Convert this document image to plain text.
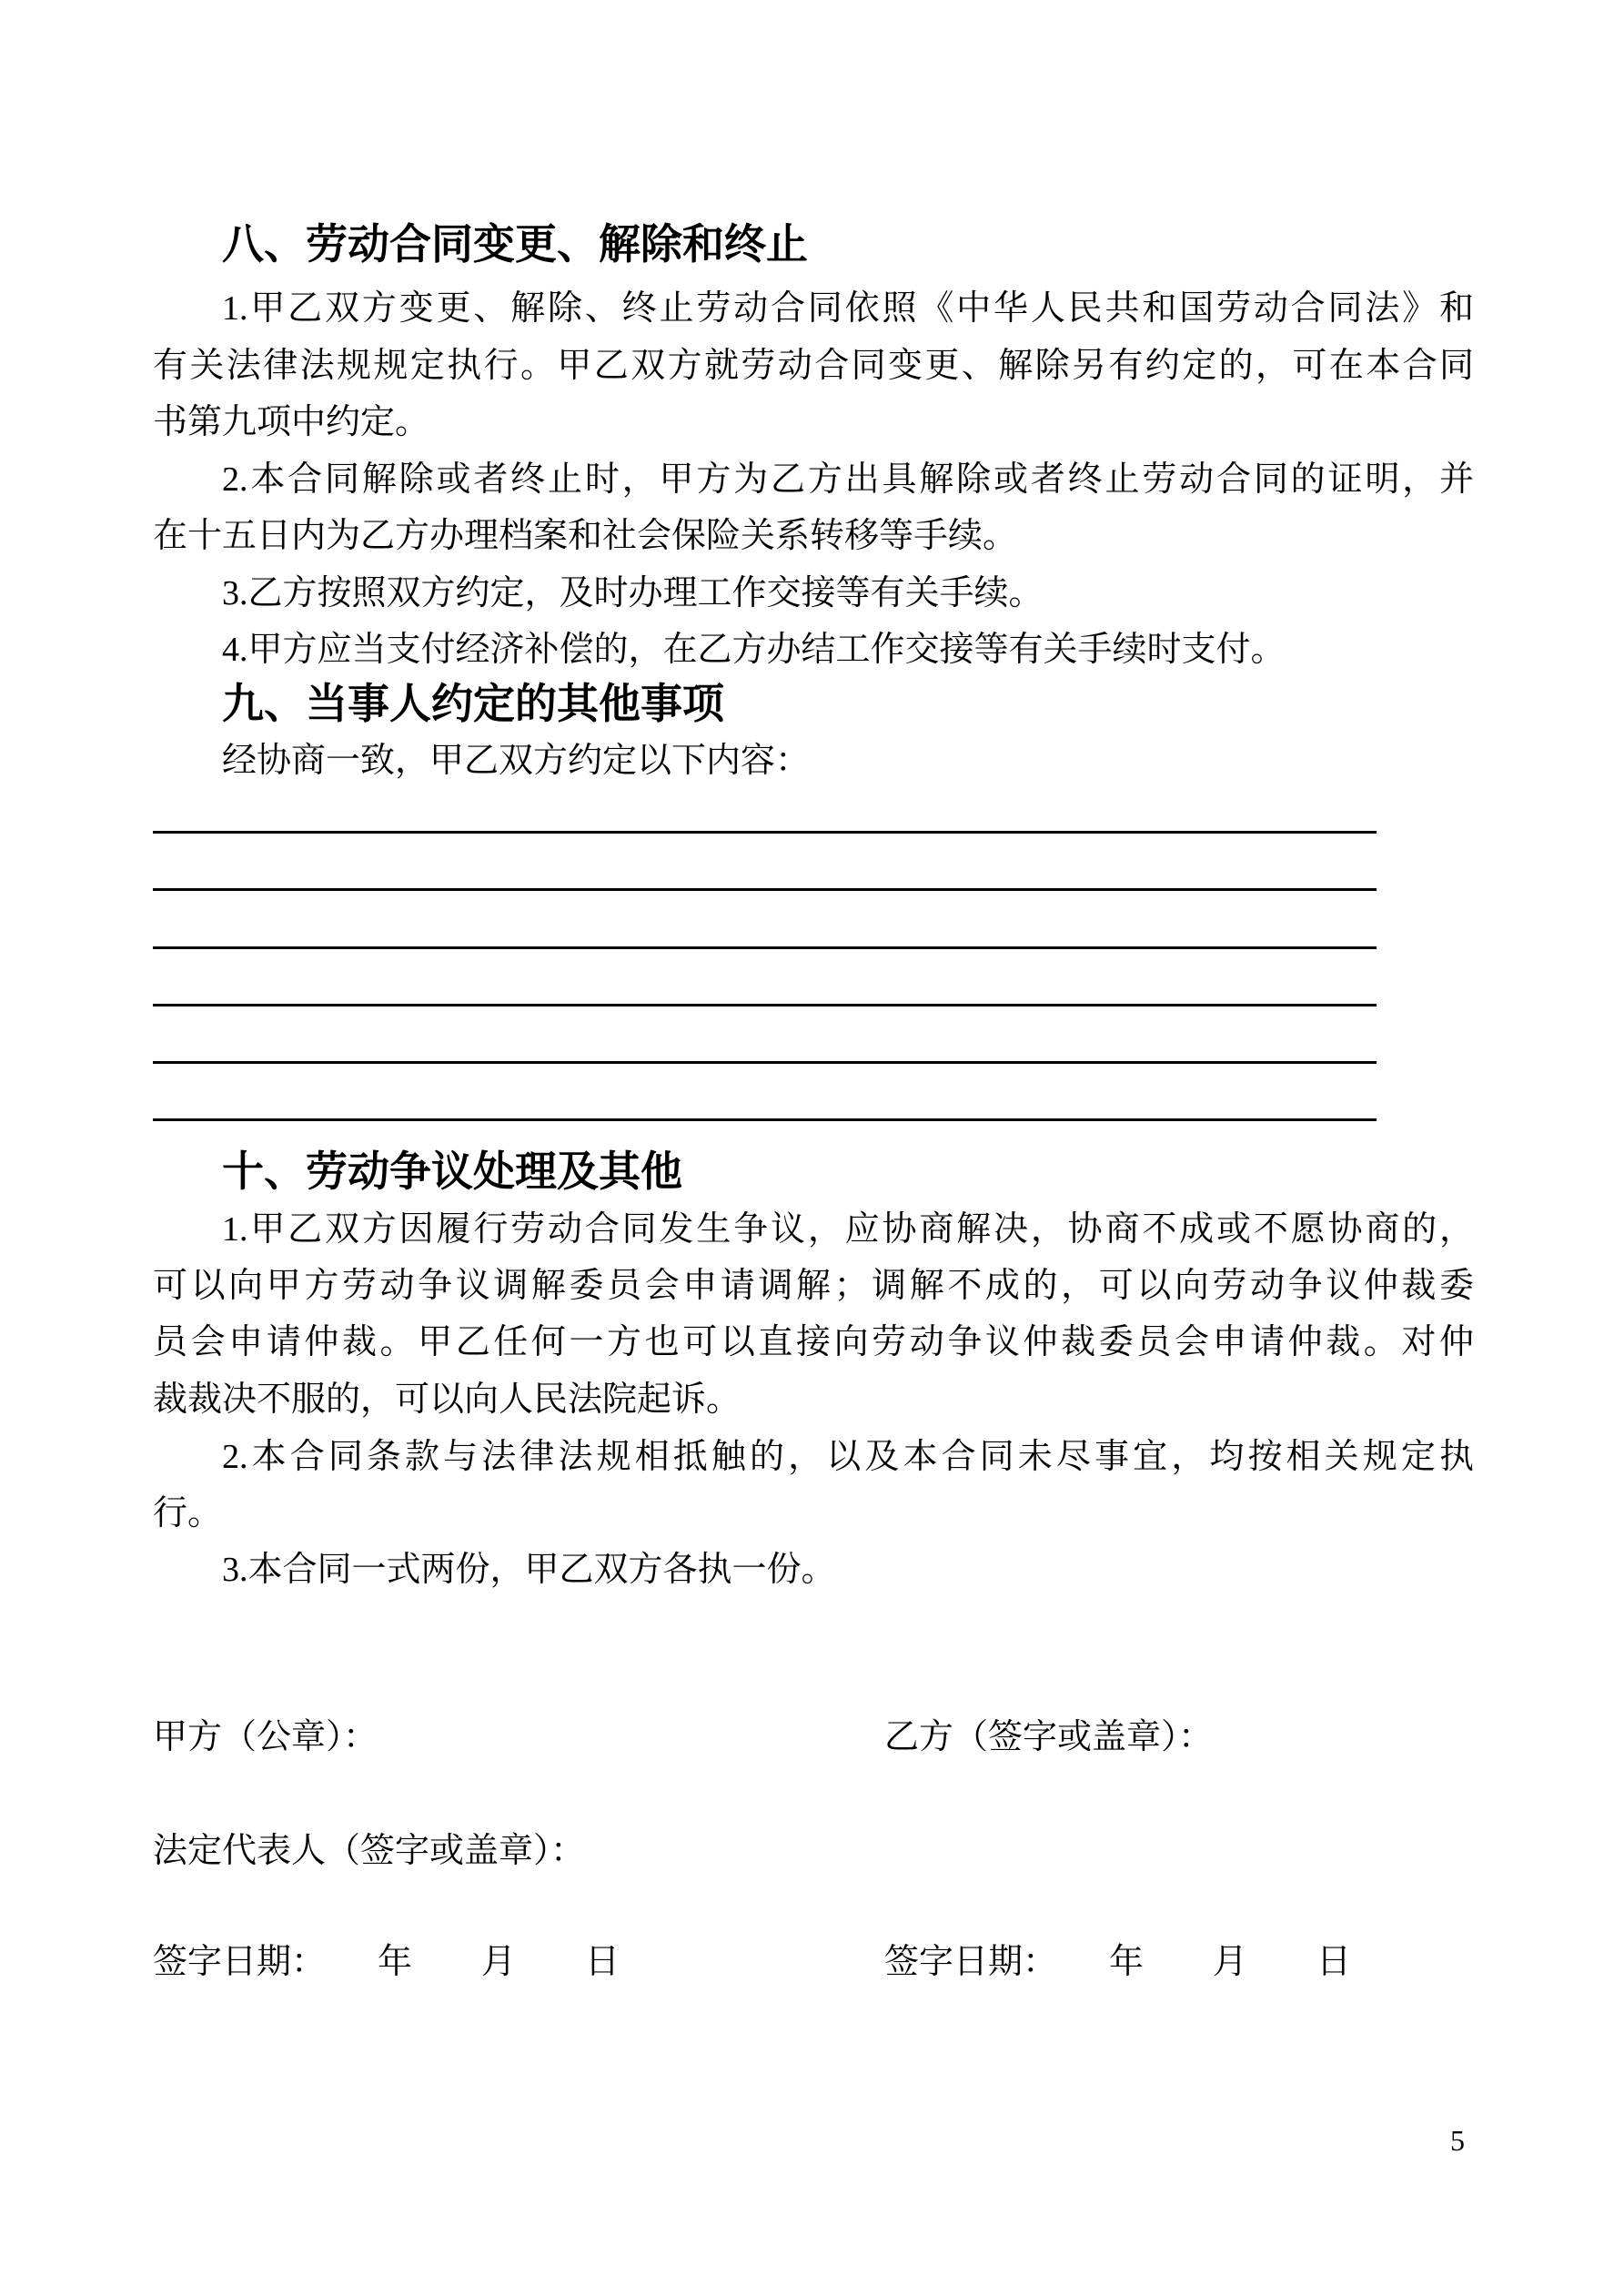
八、劳动合同变更、解除和终止
1.甲乙双方变更、解除、终止劳动合同依照《中华人民共和国劳动合同法》和
有关法律法规规定执行。甲乙双方就劳动合同变更、解除另有约定的，可在本合同
书第九项中约定。
2.本合同解除或者终止时，甲方为乙方出具解除或者终止劳动合同的证明，并
在十五日内为乙方办理档案和社会保险关系转移等手续。
3.乙方按照双方约定，及时办理工作交接等有关手续。
4.甲方应当支付经济补偿的，在乙方办结工作交接等有关手续时支付。
九、当事人约定的其他事项
经协商一致，甲乙双方约定以下内容：
十、劳动争议处理及其他
1.甲乙双方因履行劳动合同发生争议，应协商解决，协商不成或不愿协商的，
可以向甲方劳动争议调解委员会申请调解；调解不成的，可以向劳动争议仲裁委
员会申请仲裁。甲乙任何一方也可以直接向劳动争议仲裁委员会申请仲裁。对仲
裁裁决不服的，可以向人民法院起诉。
2.本合同条款与法律法规相抵触的，以及本合同未尽事宜，均按相关规定执
行。
3.本合同一式两份，甲乙双方各执一份。
甲方（公章）：	乙方（签字或盖章）：
法定代表人（签字或盖章）：
签字日期：　　年　　月　　日	签字日期：　　年　　月　　日
5
